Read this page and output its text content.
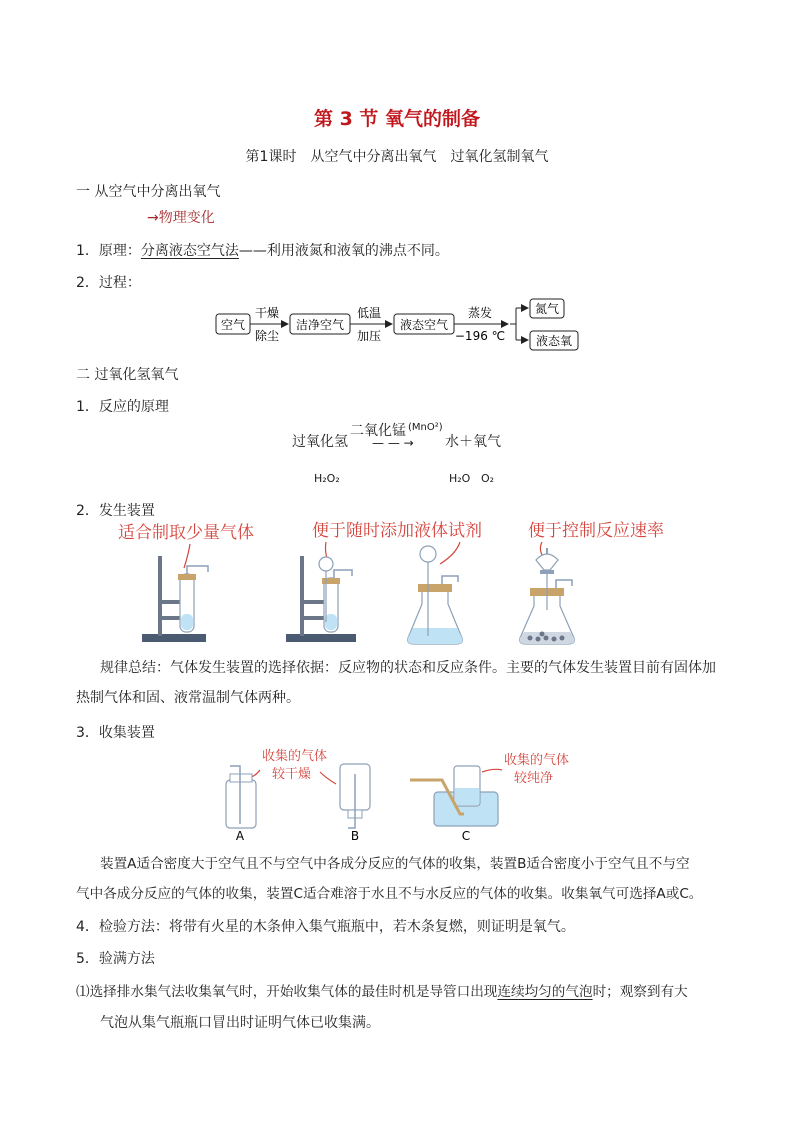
第 3 节 氧气的制备
第1课时　从空气中分离出氧气　过氧化氢制氧气
一 从空气中分离出氧气
→物理变化
1．原理：分离液态空气法——利用液氮和液氧的沸点不同。
2．过程：
空气
干燥
除尘
洁净空气
低温
加压
液态空气
蒸发
−196 ℃
氮气
液态氧
二 过氧化氢氧气
1．反应的原理
过氧化氢
二氧化锰 (MnO²)
— — → 水＋氧气
H₂O₂	H₂O O₂
2．发生装置
适合制取少量气体	便于随时添加液体试剂	便于控制反应速率
规律总结：气体发生装置的选择依据：反应物的状态和反应条件。主要的气体发生装置目前有固体加
热制气体和固、液常温制气体两种。
3．收集装置
收集的气体
较干燥
收集的气体
较纯净
A	B	C
装置A适合密度大于空气且不与空气中各成分反应的气体的收集，装置B适合密度小于空气且不与空
气中各成分反应的气体的收集，装置C适合难溶于水且不与水反应的气体的收集。收集氧气可选择A或C。
4．检验方法：将带有火星的木条伸入集气瓶瓶中，若木条复燃，则证明是氧气。
5．验满方法
⑴选择排水集气法收集氧气时，开始收集气体的最佳时机是导管口出现连续均匀的气泡时；观察到有大
气泡从集气瓶瓶口冒出时证明气体已收集满。
